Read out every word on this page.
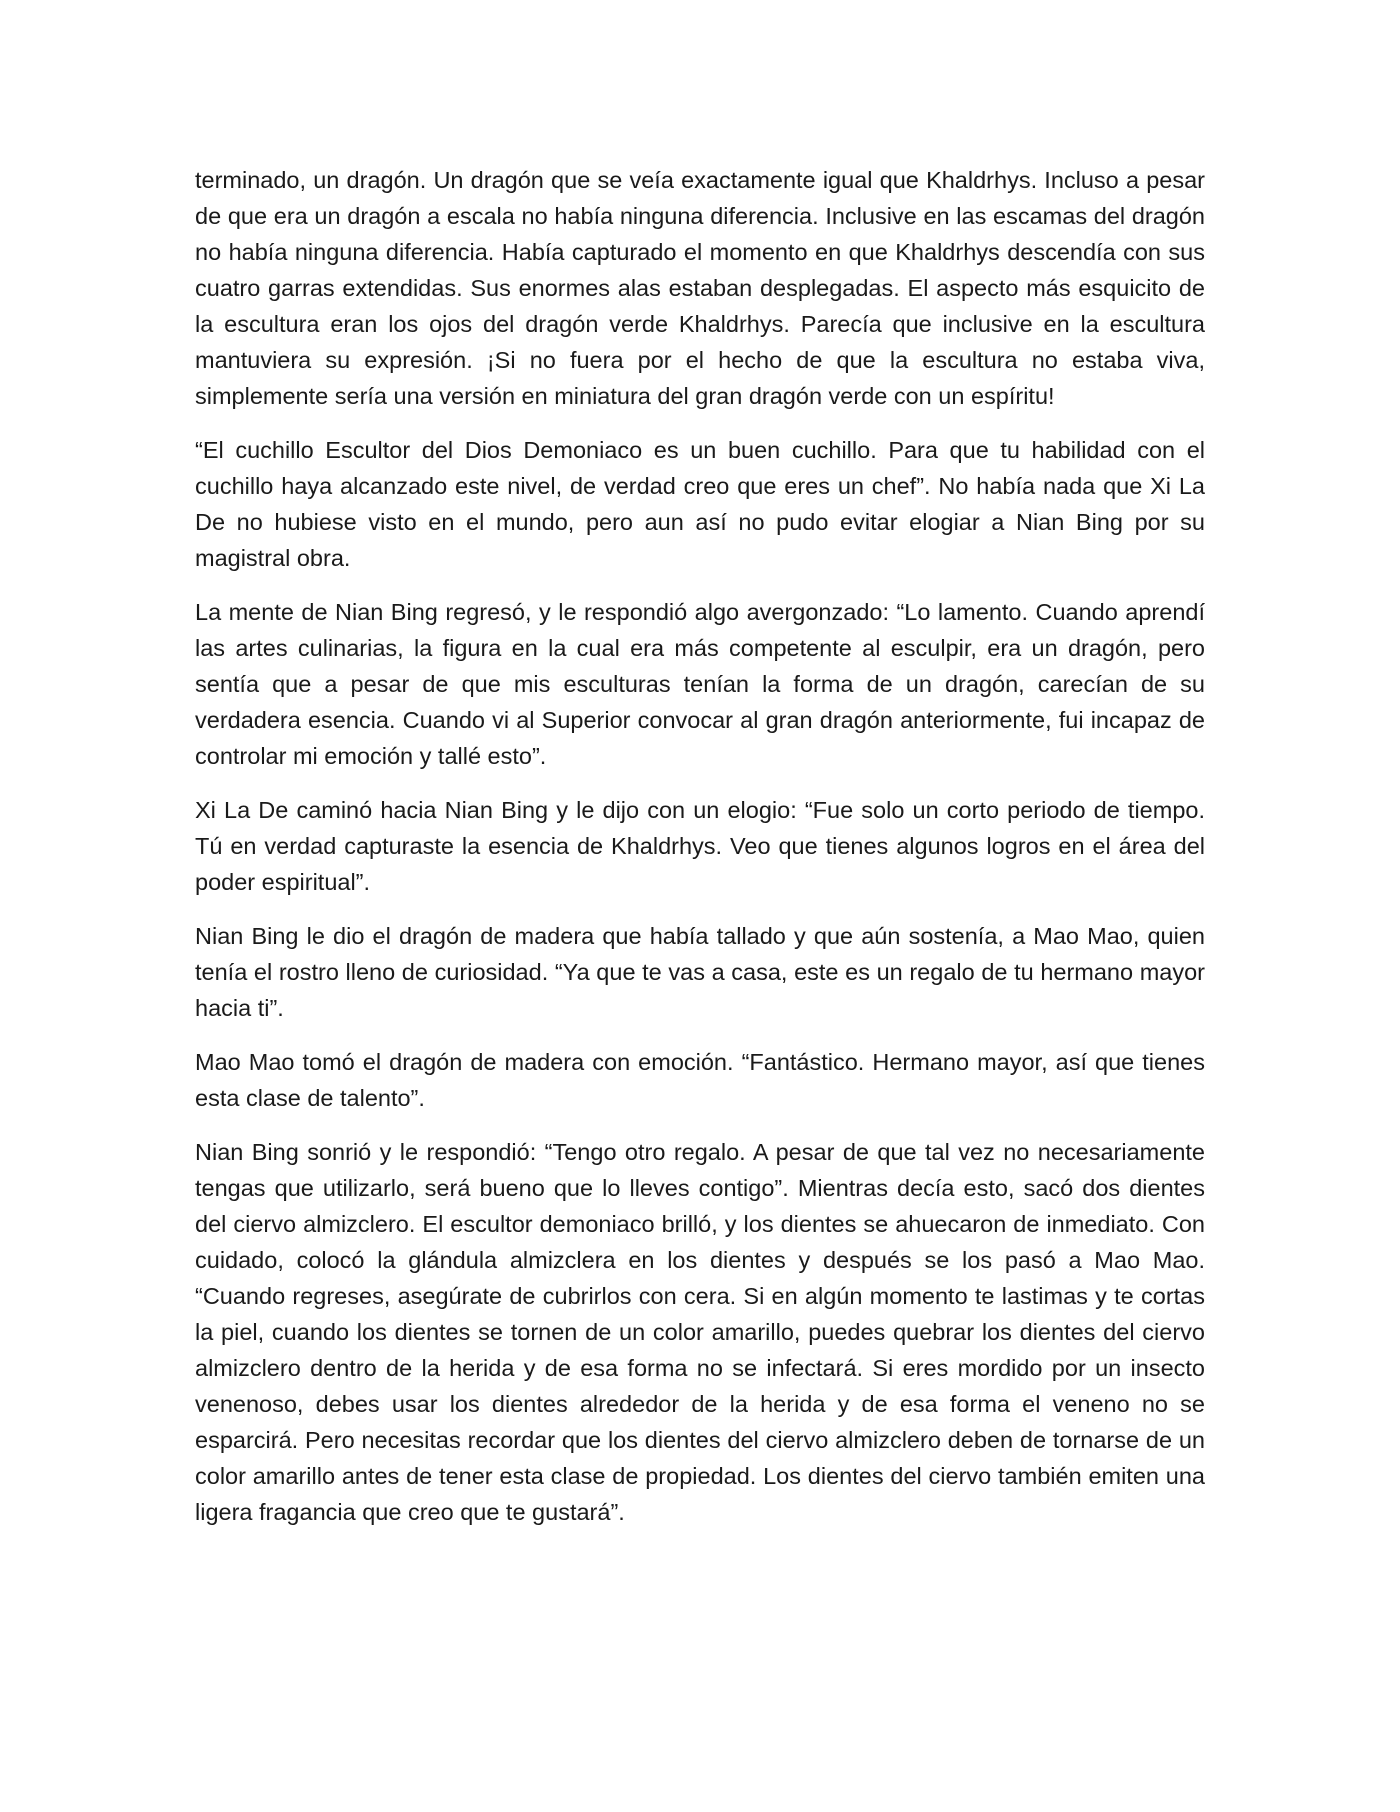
terminado, un dragón. Un dragón que se veía exactamente igual que Khaldrhys. Incluso a pesar de que era un dragón a escala no había ninguna diferencia. Inclusive en las escamas del dragón no había ninguna diferencia. Había capturado el momento en que Khaldrhys descendía con sus cuatro garras extendidas. Sus enormes alas estaban desplegadas. El aspecto más esquicito de la escultura eran los ojos del dragón verde Khaldrhys. Parecía que inclusive en la escultura mantuviera su expresión. ¡Si no fuera por el hecho de que la escultura no estaba viva, simplemente sería una versión en miniatura del gran dragón verde con un espíritu!

“El cuchillo Escultor del Dios Demoniaco es un buen cuchillo. Para que tu habilidad con el cuchillo haya alcanzado este nivel, de verdad creo que eres un chef”. No había nada que Xi La De no hubiese visto en el mundo, pero aun así no pudo evitar elogiar a Nian Bing por su magistral obra.

La mente de Nian Bing regresó, y le respondió algo avergonzado: “Lo lamento. Cuando aprendí las artes culinarias, la figura en la cual era más competente al esculpir, era un dragón, pero sentía que a pesar de que mis esculturas tenían la forma de un dragón, carecían de su verdadera esencia. Cuando vi al Superior convocar al gran dragón anteriormente, fui incapaz de controlar mi emoción y tallé esto”.

Xi La De caminó hacia Nian Bing y le dijo con un elogio: “Fue solo un corto periodo de tiempo. Tú en verdad capturaste la esencia de Khaldrhys. Veo que tienes algunos logros en el área del poder espiritual”.

Nian Bing le dio el dragón de madera que había tallado y que aún sostenía, a Mao Mao, quien tenía el rostro lleno de curiosidad. “Ya que te vas a casa, este es un regalo de tu hermano mayor hacia ti”.

Mao Mao tomó el dragón de madera con emoción. “Fantástico. Hermano mayor, así que tienes esta clase de talento”.

Nian Bing sonrió y le respondió: “Tengo otro regalo. A pesar de que tal vez no necesariamente tengas que utilizarlo, será bueno que lo lleves contigo”. Mientras decía esto, sacó dos dientes del ciervo almizclero. El escultor demoniaco brilló, y los dientes se ahuecaron de inmediato. Con cuidado, colocó la glándula almizclera en los dientes y después se los pasó a Mao Mao. “Cuando regreses, asegúrate de cubrirlos con cera. Si en algún momento te lastimas y te cortas la piel, cuando los dientes se tornen de un color amarillo, puedes quebrar los dientes del ciervo almizclero dentro de la herida y de esa forma no se infectará. Si eres mordido por un insecto venenoso, debes usar los dientes alrededor de la herida y de esa forma el veneno no se esparcirá. Pero necesitas recordar que los dientes del ciervo almizclero deben de tornarse de un color amarillo antes de tener esta clase de propiedad. Los dientes del ciervo también emiten una ligera fragancia que creo que te gustará”.
